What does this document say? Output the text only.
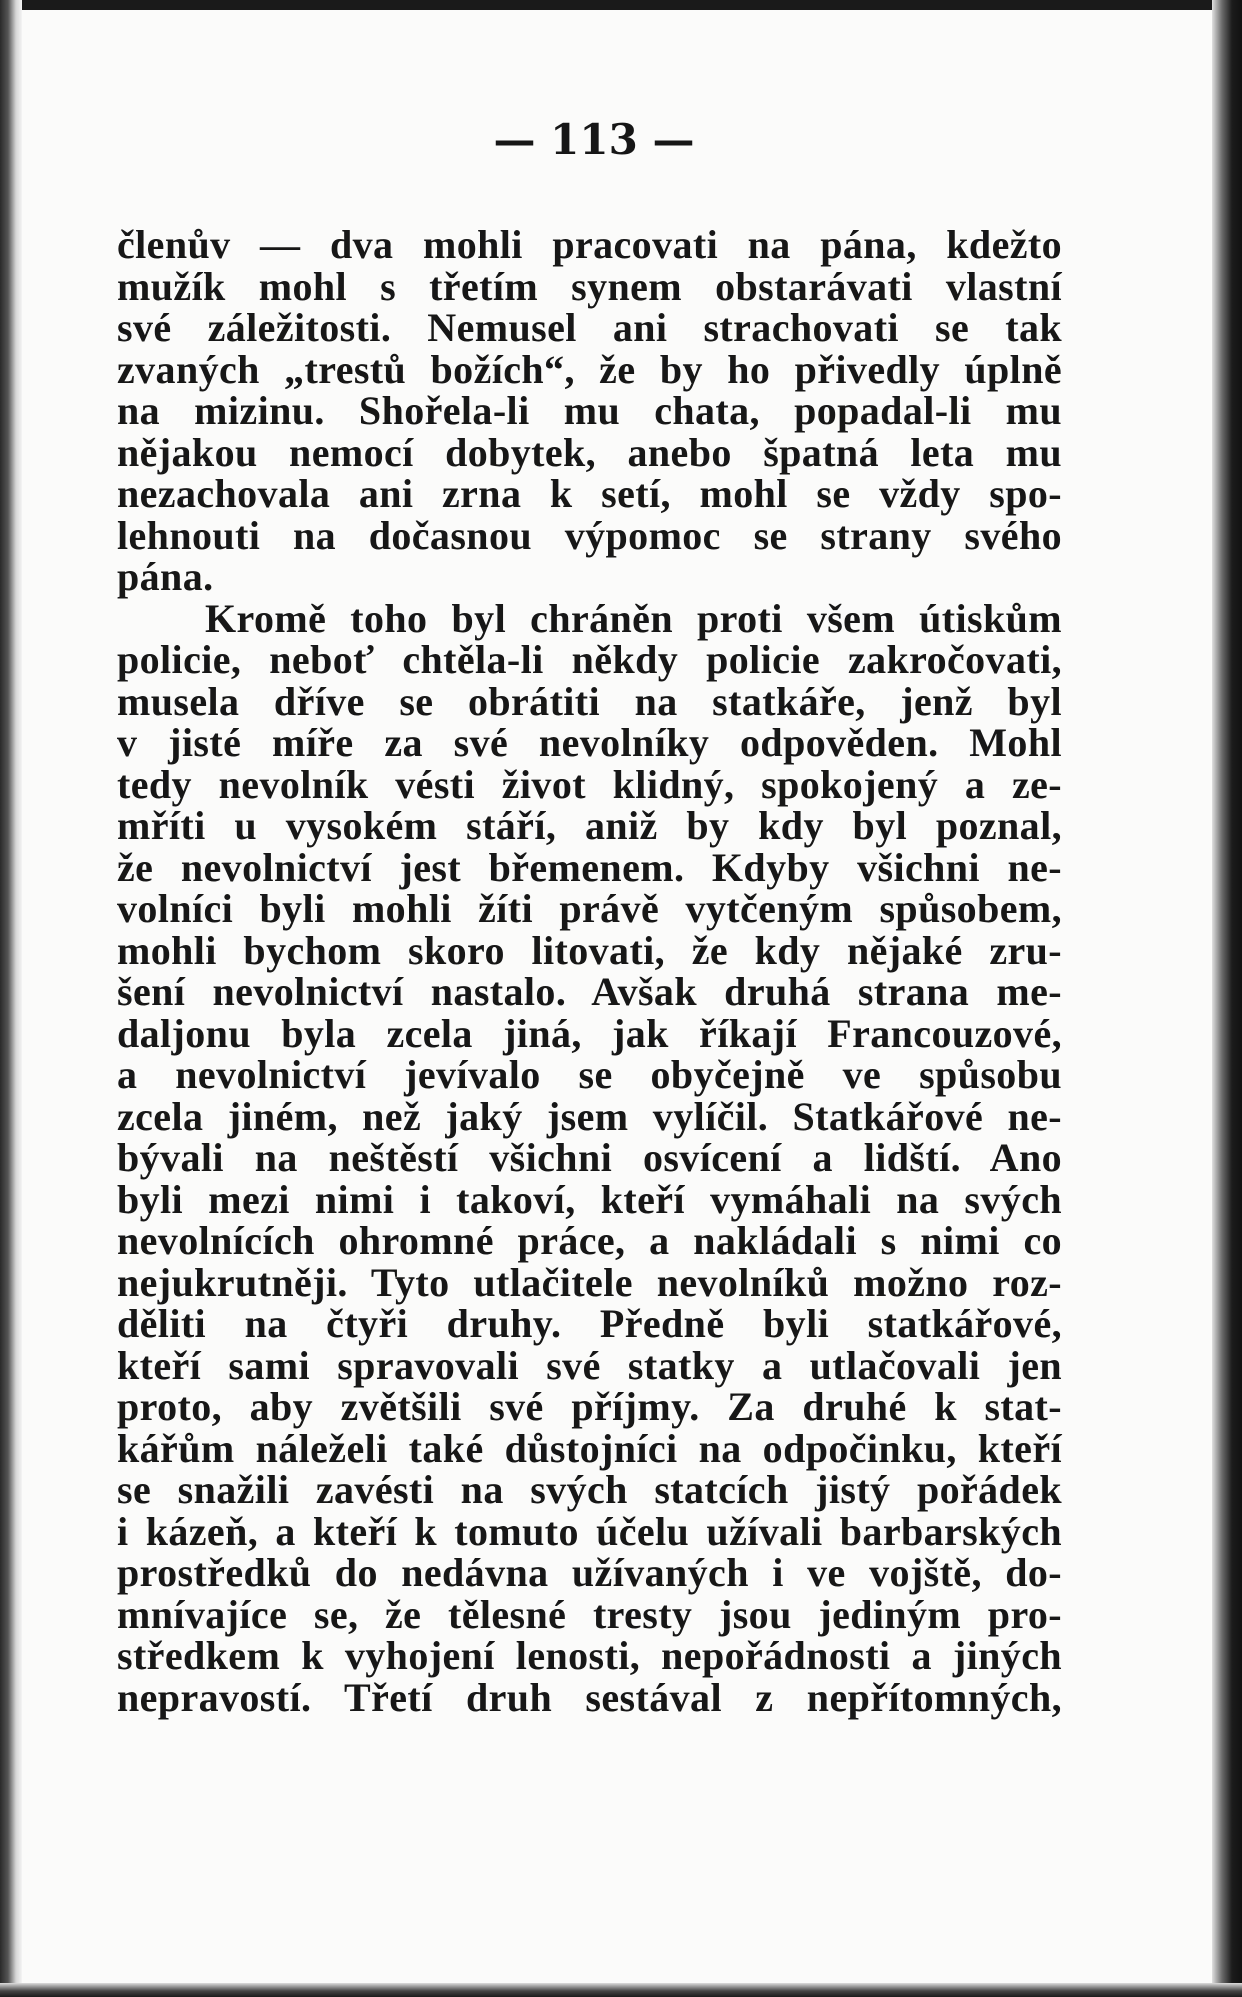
— 113 —
členův — dva mohli pracovati na pána, kdežto
mužík mohl s třetím synem obstarávati vlastní
své záležitosti. Nemusel ani strachovati se tak
zvaných „trestů božích“, že by ho přivedly úplně
na mizinu. Shořela-li mu chata, popadal-li mu
nějakou nemocí dobytek, anebo špatná leta mu
nezachovala ani zrna k setí, mohl se vždy spo-
lehnouti na dočasnou výpomoc se strany svého
pána.
Kromě toho byl chráněn proti všem útiskům
policie, neboť chtěla-li někdy policie zakročovati,
musela dříve se obrátiti na statkáře, jenž byl
v jisté míře za své nevolníky odpověden. Mohl
tedy nevolník vésti život klidný, spokojený a ze-
mříti u vysokém stáří, aniž by kdy byl poznal,
že nevolnictví jest břemenem. Kdyby všichni ne-
volníci byli mohli žíti právě vytčeným spůsobem,
mohli bychom skoro litovati, že kdy nějaké zru-
šení nevolnictví nastalo. Avšak druhá strana me-
daljonu byla zcela jiná, jak říkají Francouzové,
a nevolnictví jevívalo se obyčejně ve spůsobu
zcela jiném, než jaký jsem vylíčil. Statkářové ne-
bývali na neštěstí všichni osvícení a lidští. Ano
byli mezi nimi i takoví, kteří vymáhali na svých
nevolnících ohromné práce, a nakládali s nimi co
nejukrutněji. Tyto utlačitele nevolníků možno roz-
děliti na čtyři druhy. Předně byli statkářové,
kteří sami spravovali své statky a utlačovali jen
proto, aby zvětšili své příjmy. Za druhé k stat-
kářům náleželi také důstojníci na odpočinku, kteří
se snažili zavésti na svých statcích jistý pořádek
i kázeň, a kteří k tomuto účelu užívali barbarských
prostředků do nedávna užívaných i ve vojště, do-
mnívajíce se, že tělesné tresty jsou jediným pro-
středkem k vyhojení lenosti, nepořádnosti a jiných
nepravostí. Třetí druh sestával z nepřítomných,
